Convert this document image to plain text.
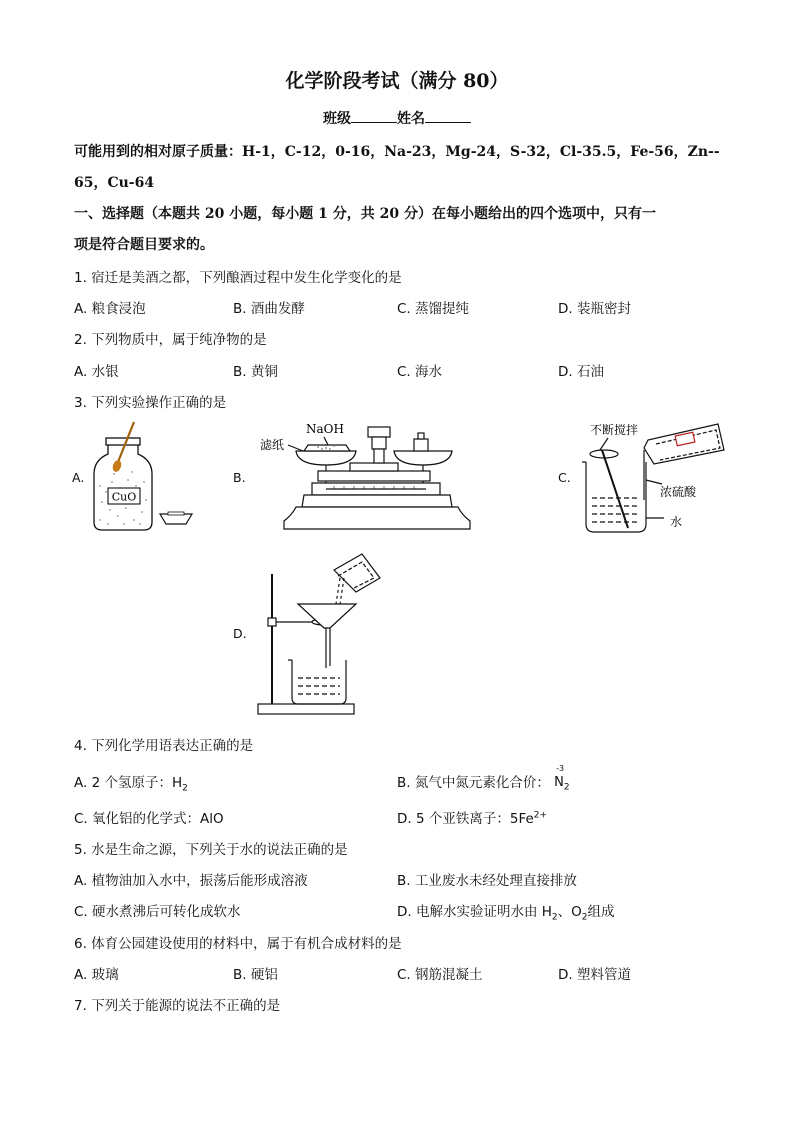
化学阶段考试（满分 80）
班级	姓名
可能用到的相对原子质量：H-1，C-12，0-16，Na-23，Mg-24，S-32，Cl-35.5，Fe-56，Zn--
65，Cu-64
一、选择题（本题共 20 小题，每小题 1 分，共 20 分）在每小题给出的四个选项中，只有一
项是符合题目要求的。
1. 宿迁是美酒之都，下列酿酒过程中发生化学变化的是
A. 粮食浸泡	B. 酒曲发酵	C. 蒸馏提纯	D. 装瓶密封
2. 下列物质中，属于纯净物的是
A. 水银	B. 黄铜	C. 海水	D. 石油
3. 下列实验操作正确的是
A.	B.	C.
D.
CuO
NaOH
滤纸
不断搅拌
浓硫酸
水
4. 下列化学用语表达正确的是
A. 2 个氢原子：$H_2$	B. 氮气中氮元素化合价：
-3
$N_2$
C. 氧化铝的化学式：AlO	D. 5 个亚铁离子：$5Fe^{2+}$
5. 水是生命之源，下列关于水的说法正确的是
A. 植物油加入水中，振荡后能形成溶液	B. 工业废水未经处理直接排放
C. 硬水煮沸后可转化成软水	D. 电解水实验证明水由 $H_2$、$O_2$组成
6. 体育公园建设使用的材料中，属于有机合成材料的是
A. 玻璃	B. 硬铝	C. 钢筋混凝土	D. 塑料管道
7. 下列关于能源的说法不正确的是
